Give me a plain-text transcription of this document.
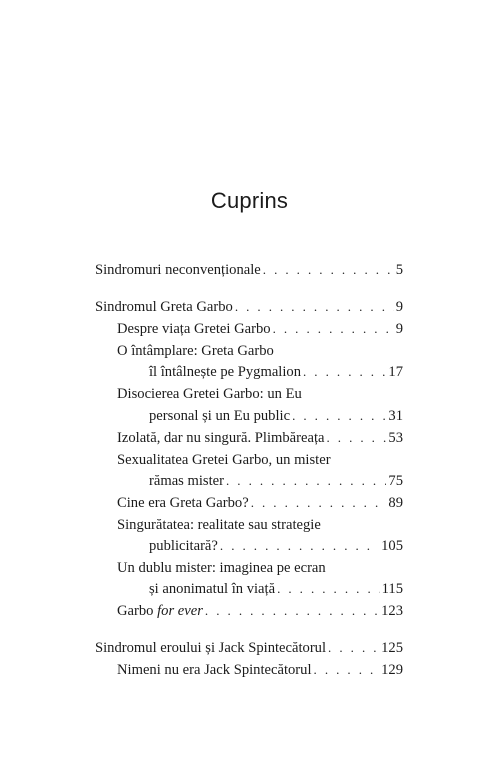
Cuprins
Sindromuri neconvenționale . . .	5
Sindromul Greta Garbo . . .	9
Despre viața Gretei Garbo . . .	9
O întâmplare: Greta Garbo
îl întâlnește pe Pygmalion . . .	17
Disocierea Gretei Garbo: un Eu
personal și un Eu public . . .	31
Izolată, dar nu singură. Plimbăreața . . .	53
Sexualitatea Gretei Garbo, un mister
rămas mister . . .	75
Cine era Greta Garbo? . . .	89
Singurătatea: realitate sau strategie
publicitară? . . .	105
Un dublu mister: imaginea pe ecran
și anonimatul în viață . . .	115
Garbo for ever . . .	123
Sindromul eroului și Jack Spintecătorul . . .	125
Nimeni nu era Jack Spintecătorul . . .	129
